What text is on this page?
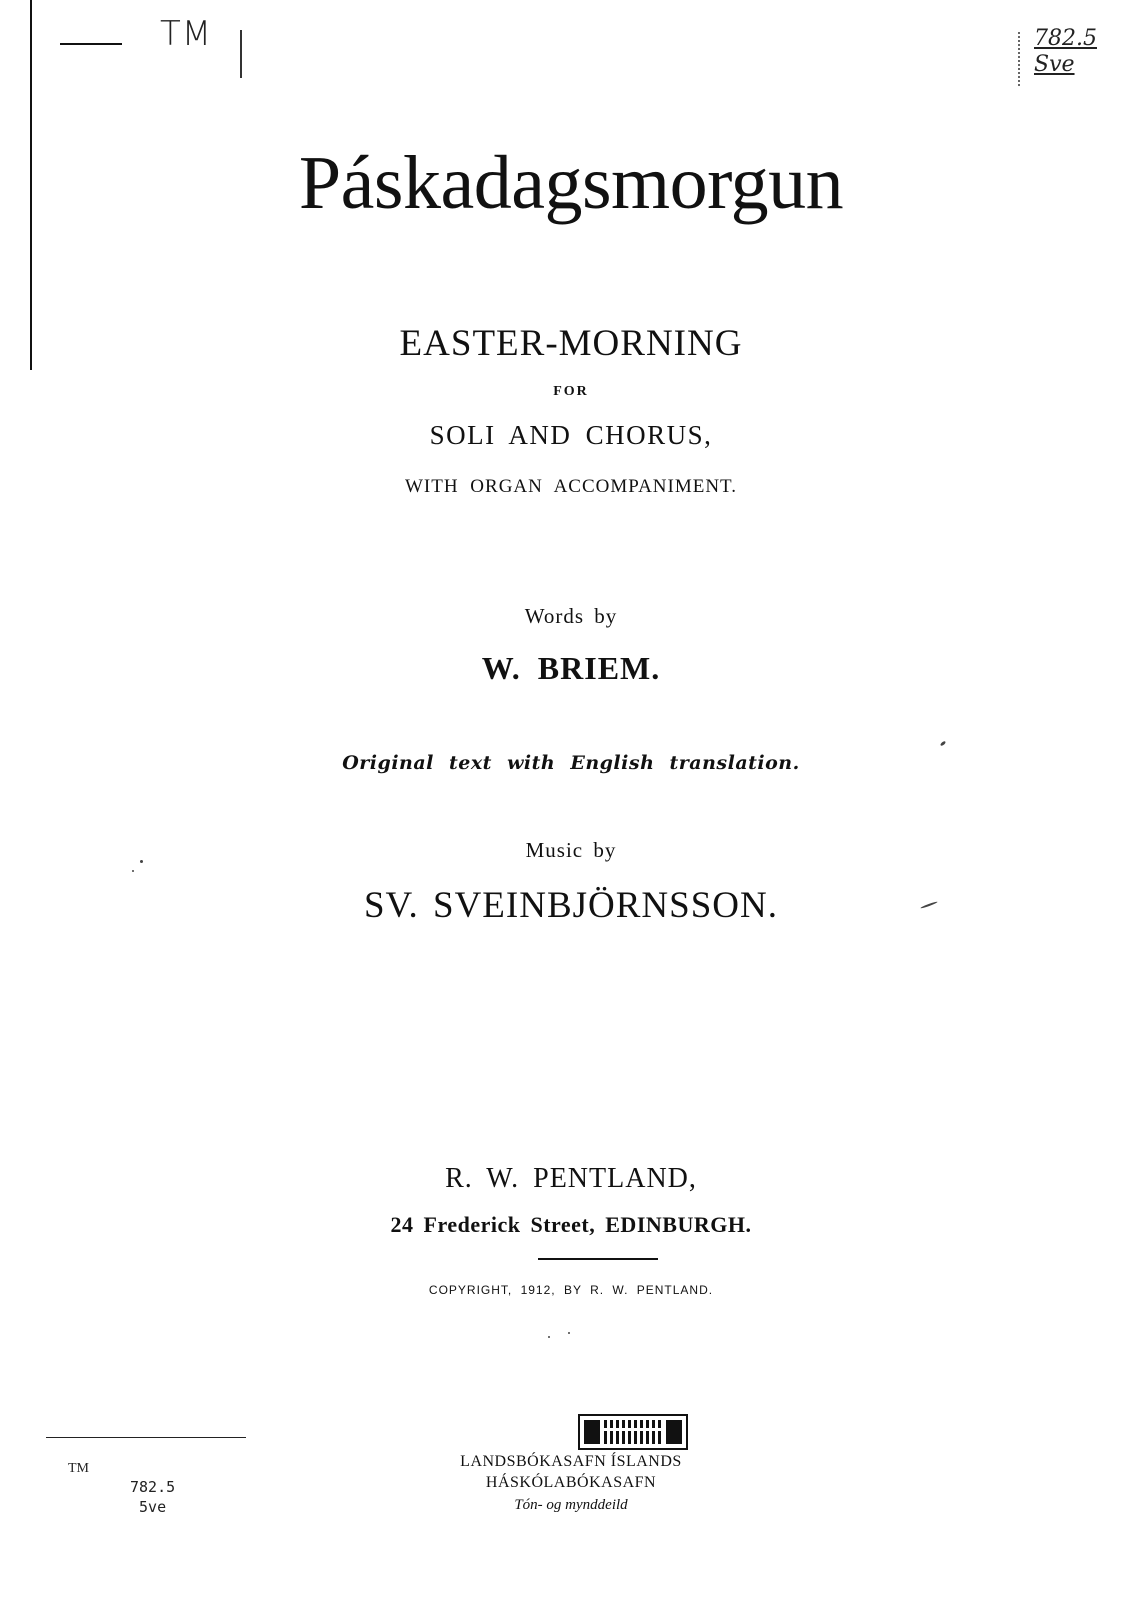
TM	782.5
Sve
Páskadagsmorgun
EASTER-MORNING
FOR
SOLI AND CHORUS,
WITH ORGAN ACCOMPANIMENT.
Words by
W. BRIEM.
Original text with English translation.
Music by
SV. SVEINBJÖRNSSON.
R. W. PENTLAND,
24 Frederick Street, EDINBURGH.
COPYRIGHT, 1912, BY R. W. PENTLAND.
TM
782.5
5ve
LANDSBÓKASAFN ÍSLANDS
HÁSKÓLABÓKASAFN
Tón- og mynddeild
